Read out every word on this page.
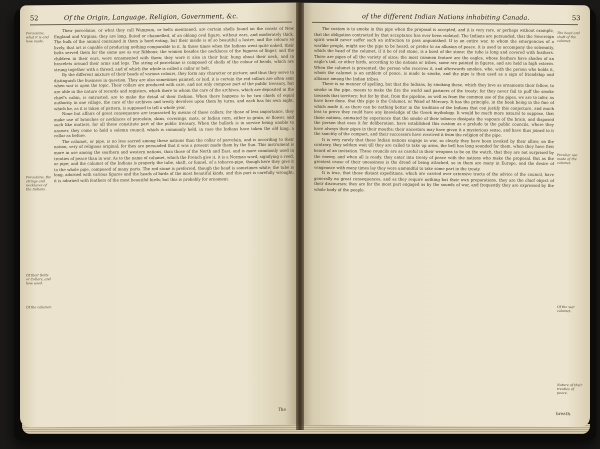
52	Of the Origin, Language, Religion, Government, &c.
Porcelaine, what it is and how made.
Porcelaine, the strings and necklaces of the Indians.
Of their Belts or Collars, and how used.
Of the calumet.

Their porcelaine, or what they call Wampum, or belts mentioned, are certain shells found on the coasts of New England and Virginia; they are long, fluted or channelled, of an oblong oval figure, without ears, and moderately thick. The bulk of the animal contained in them is hard eating, but their inside is of so beautiful a lustre, and the colours so lively, that art is capable of producing nothing comparable to it. In those times when the Indians went quite naked, their belts served them for the same use as our Ribbons; the women besides the necklaces of the bigness of finger, and the children in their ears, were ornamented with them; they wore it also in their hair, hung about their neck, and in bracelets around their arms and legs. The string of porcelaine is composed of shells of the colour of beads, which are strung together with a thread, and of which the whole is called a collar or belt.

By the different mixture of their beads of various colours, they form any character or picture; and thus they serve to distinguish the business in question. They are also sometimes painted, or laid, it is certain the red collars are often sent when war is upon the topic. Their collars are produced with care, and not only compose part of the public treasury, but are able in the nature of records and registers, which there to whom the care of the archives, which are deposited in the chief's cabin, is entrusted, are to make the detail of their fashion. When there happens to be two chiefs of equal authority in one village, the care of the archives and treaty devolves upon them by turns, and each has his own night, which he, as it is taken of pattern, is supposed to tell a whole year.

None but affairs of great consequence are transacted by means of these collars; for those of less importance, they make use of branches or necklaces of porcelain, skins, coverings, mats, or Indian corn, either in grain, or flower, and such like matters, for all these constitute part of the public treasury. When the bullock is in service being unable to answer, they come to hold a solemn council, which is commonly held, in case the Indians have taken the old king, a collar as before.

The calumet, or pipe, is no less sacred among these nations than the collar of porcelain, and is according to their notion, very of religious original; for they are persuaded that it was a present made them by the Sun. This instrument is more in use among the southern and western nations, than those of the North and East, and is more commonly used in treaties of peace than in war. As to the name of calumet, which the French give it, it is a Norman word, signifying a reed, or pipe; and the calumet of the Indians is properly the tube, shaft, or funnel, of a tobacco-pipe, though here they give it to the whole pipe, composed of many parts. The red stone is preferred, though the head is sometimes white; the tube is long, adorned with various figures and the heads of birds of the most beautiful kinds, and this part is carefully wrought; it is adorned with feathers of the most beautiful birds; but this is probably for ornament.

The
of the different Indian Nations inhabiting Canada.	53
The head and shaft of the calumet.
Peculiar use made of the calumet.
Of the war calumet.
Nature of their treaties of peace.

The custom is to smoke in this pipe when the proposal is accepted, and it is very rare, or perhaps without example, that the obligation contracted by that acceptance has ever been violated. The Indians are persuaded, that the Sovereign spirit would never suffer such an infraction to pass unpunished. If in an entire war, to whom the emergencies of a warlike people, might use the pipe to be heard, or prefer to an allusion of peace, it is used to accompany the solemnity, which the head of the calumet, if it be of red stone, is a bowl of the stone; the tube is long and covered with feathers. There are pipes of all the variety of sizes; the most common feature are the eagles, whose feathers have shades of an eagle's tail, or other birds, according to the nations or tribes, some are painted in figures, and are held in high esteem. When the calumet is presented, the person who receives it, and afterwards smokes, who, with the person who holds it, whom the calumet is an emblem of peace, is made to smoke, and the pipe is then used as a sign of friendship and alliance among the Indian tribes.

There is no manner of spelling, but that the Indians, by smoking these, which they love as ornaments their fellow, to smoke in the pipe, means to make the fire the world and partners of the treaty; for they never fail to puff the smoke towards that territory; but for by that, from the pipeline, as well as from the common use of the pipes, we are to infer, as have here done, that this pipe is the Calumet, or Wand of Mercury. It has the principle, in the book being in the fine of which made it, as there can be nothing better in the tradition of the Indians that can justify this conjecture, and much less to prove they could have any knowledge of the Greek mythology. It would be much more natural to suppose, that those nations, animated by experience that the smoke of their tobacco dissipate the vapours of the brain, and disposed the person that uses it for deliberation, have established this custom as a prelude to the public councils, where they have always their pipes in their mouths; their ancestors may have given it a mysterious sense, and have thus joined to it the sanctity of the compact, and their successors have received it from the religion of the pipe.

It is very rarely that these Indian nations engage in war, so clearly they have been invoked by their allies; on the contrary, they seldom wait till they are called to take up arms, the bell has long sounded for them, when they have first heard of an invitation. These councils are as careful in their weapons to be on the watch, that they are not surprised by the enemy, and when all is ready, they enter into treaty of peace with the nations who make the proposal. But as the greatest cause of their uneasiness is the dread of being attacked, so in them are many in Europe, and the desire of vengeance with many times lay they were unmindful to take some part in the treaty.

It is true, that those distant expeditions, which are carried over extensive tracts of the advice of the council, have generally no great consequences, and as they require nothing but their own preparations, they are the chief object of their discourses; they are for the most part engaged as by the sounds of war, and frequently they are expressed by the whole body of the people.

breath.
